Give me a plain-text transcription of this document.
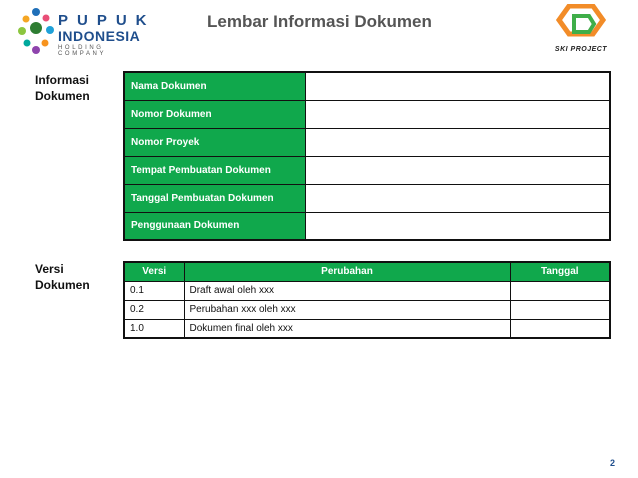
PUPUK
INDONESIA
HOLDING COMPANY
Lembar Informasi Dokumen
SKI PROJECT
Informasi
Dokumen
Nama Dokumen	
Nomor Dokumen	
Nomor Proyek	
Tempat Pembuatan Dokumen	
Tanggal Pembuatan Dokumen	
Penggunaan Dokumen	
Versi
Dokumen
Versi	Perubahan	Tanggal
0.1	Draft awal oleh xxx	
0.2	Perubahan xxx oleh xxx	
1.0	Dokumen final oleh xxx	
2
